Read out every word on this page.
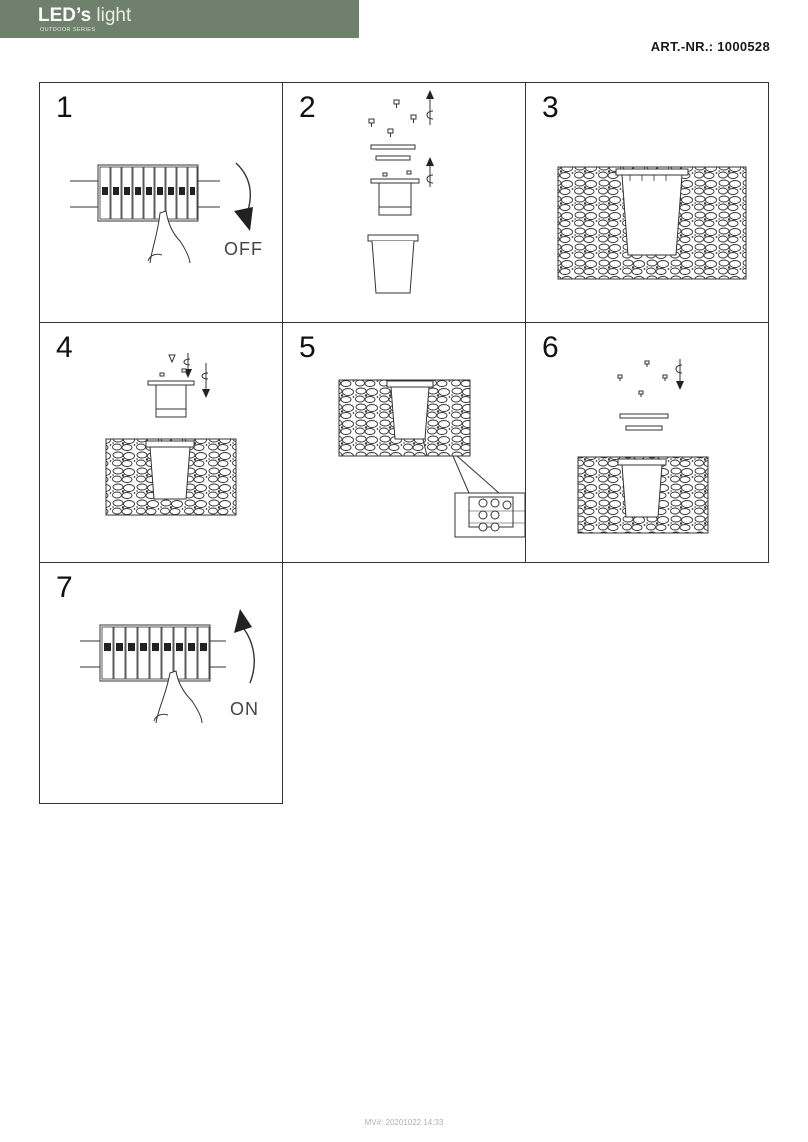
LED’s light
OUTDOOR SERIES
ART.-NR.: 1000528
OFF
1	2	3
4	5	6
ON
7
MV#: 20201022 14:33
